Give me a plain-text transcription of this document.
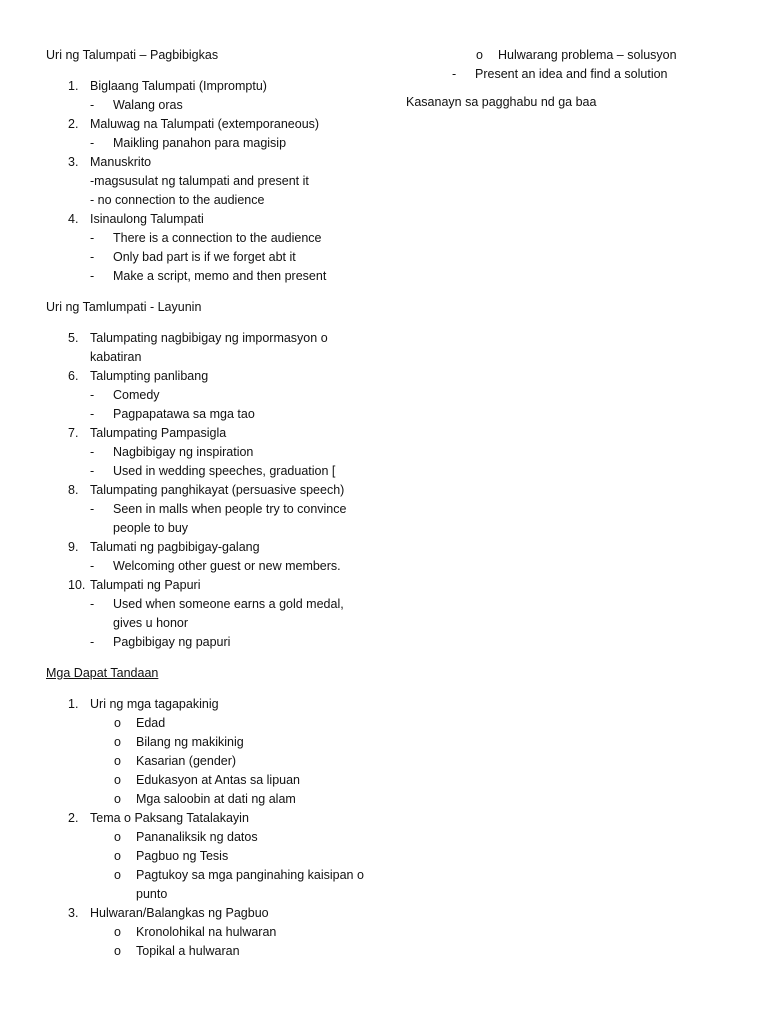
Uri ng Talumpati – Pagbibigkas
1. Biglaang Talumpati (Impromptu)
-	Walang oras
2. Maluwag na Talumpati (extemporaneous)
-	Maikling panahon para magisip
3. Manuskrito
-magsusulat ng talumpati and present it
- no connection to the audience
4. Isinaulong Talumpati
-	There is a connection to the audience
-	Only bad part is if we forget abt it
-	Make a script, memo and then present
Uri ng Tamlumpati - Layunin
5. Talumpating nagbibigay ng impormasyon o kabatiran
6. Talumpting panlibang
-	Comedy
-	Pagpapatawa sa mga tao
7. Talumpating Pampasigla
-	Nagbibigay ng inspiration
-	Used in wedding speeches, graduation [
8. Talumpating panghikayat (persuasive speech)
-	Seen in malls when people try to convince people to buy
9. Talumati ng pagbibigay-galang
-	Welcoming other guest or new members.
10. Talumpati ng Papuri
-	Used when someone earns a gold medal, gives u honor
-	Pagbibigay ng papuri
Mga Dapat Tandaan
1. Uri ng mga tagapakinig
o	Edad
o	Bilang ng makikinig
o	Kasarian (gender)
o	Edukasyon at Antas sa lipuan
o	Mga saloobin at dati ng alam
2. Tema o Paksang Tatalakayin
o	Pananaliksik ng datos
o	Pagbuo ng Tesis
o	Pagtukoy sa mga panginahing kaisipan o punto
3. Hulwaran/Balangkas ng Pagbuo
o	Kronolohikal na hulwaran
o	Topikal a hulwaran
o	Hulwarang problema – solusyon
-	Present an idea and find a solution
Kasanayn sa pagghabu nd ga baa
